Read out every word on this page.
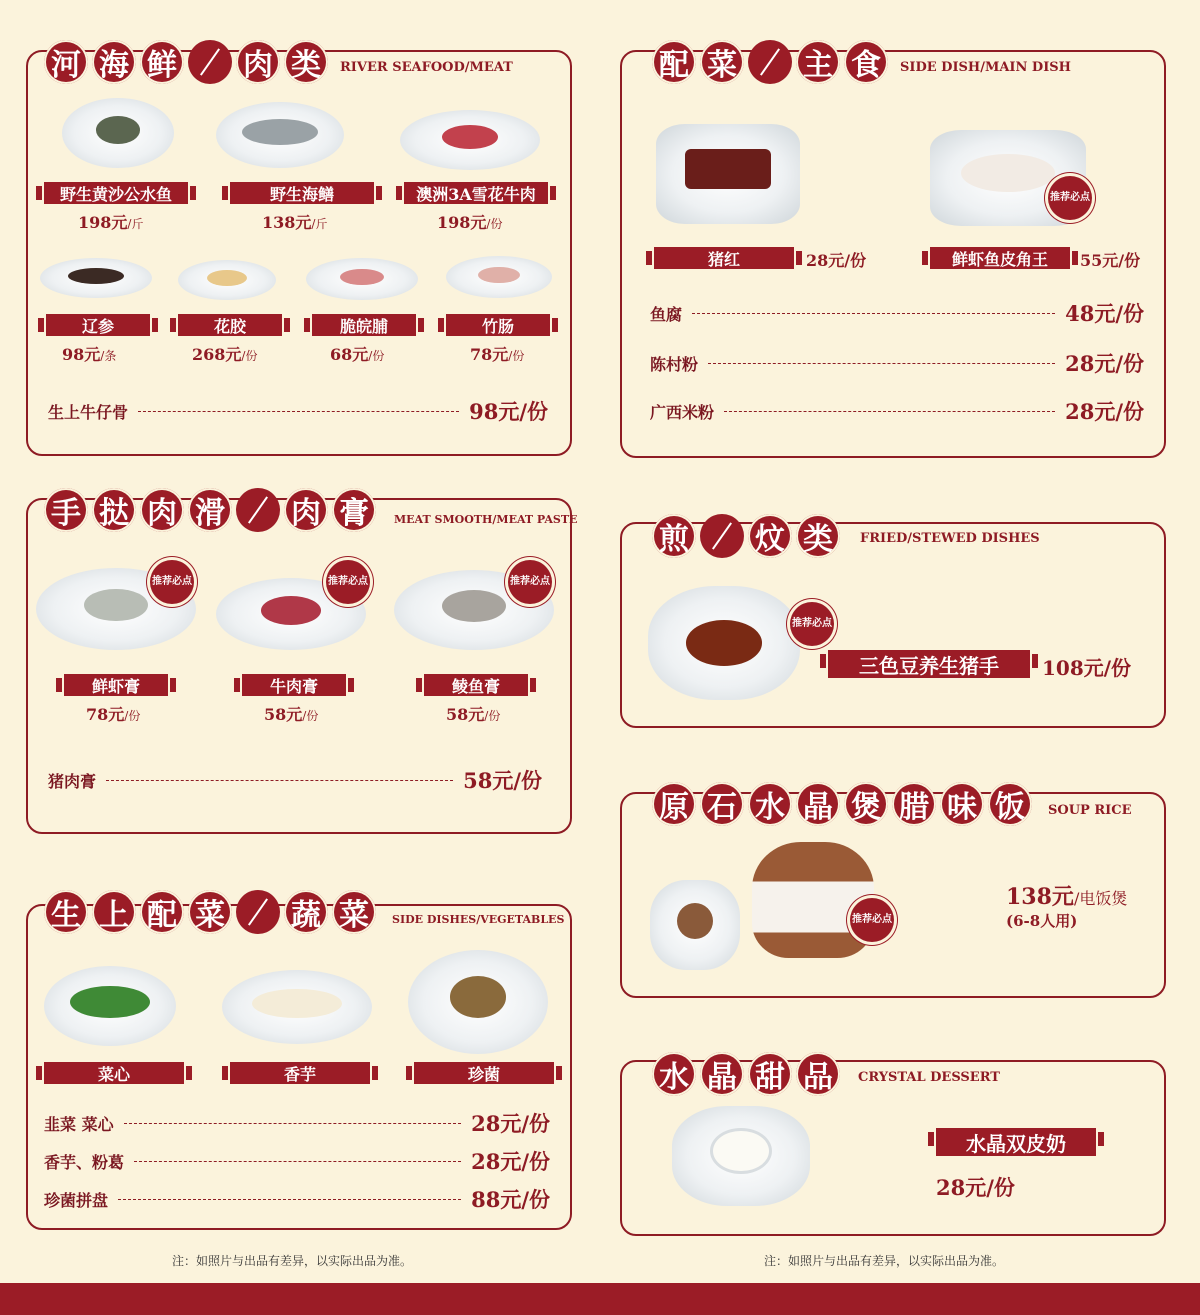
河 海 鲜 肉 类	RIVER SEAFOOD/MEAT
野生黄沙公水鱼	野生海鳝	澳洲3A雪花牛肉
198元/斤	138元/斤	198元/份
辽参	花胶	脆皖脯	竹肠
98元/条	268元/份	68元/份	78元/份
生上牛仔骨	98元/份
手 挞 肉 滑 肉 膏	MEAT SMOOTH/MEAT PASTE
推荐必点	推荐必点	推荐必点
鲜虾膏	牛肉膏	鲮鱼膏
78元/份	58元/份	58元/份
猪肉膏	58元/份
生 上 配 菜 蔬 菜	SIDE DISHES/VEGETABLES
菜心	香芋	珍菌
韭菜 菜心	28元/份
香芋、粉葛	28元/份
珍菌拼盘	88元/份
注：如照片与出品有差异，以实际出品为准。
配 菜 主 食	SIDE DISH/MAIN DISH
推荐必点
猪红	28元/份	鲜虾鱼皮角王	55元/份
鱼腐	48元/份
陈村粉	28元/份
广西米粉	28元/份
煎 炆 类	FRIED/STEWED DISHES
推荐必点
三色豆养生猪手	108元/份
原 石 水 晶 煲 腊 味 饭	SOUP RICE
推荐必点
138元/电饭煲
(6-8人用)
水 晶 甜 品	CRYSTAL DESSERT
水晶双皮奶
28元/份
注：如照片与出品有差异，以实际出品为准。
